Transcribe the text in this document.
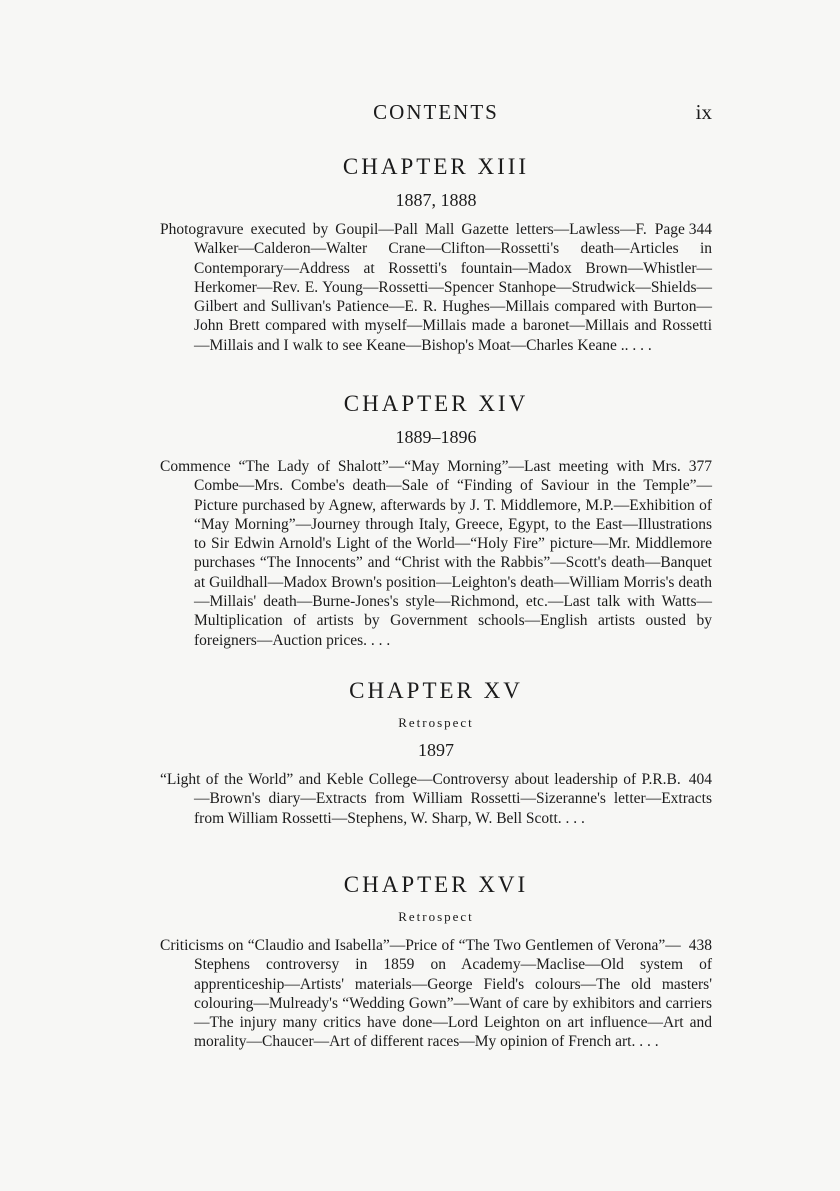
CONTENTS	ix
CHAPTER XIII
1887, 1888

Page 344
Photogravure executed by Goupil—Pall Mall Gazette letters—Lawless—F. Walker—Calderon—Walter Crane—Clifton—Rossetti's death—Articles in Contemporary—Address at Rossetti's fountain—Madox Brown—Whistler—Herkomer—Rev. E. Young—Rossetti—Spencer Stanhope—Strudwick—Shields—Gilbert and Sullivan's Patience—E. R. Hughes—Millais compared with Burton—John Brett compared with myself—Millais made a baronet—Millais and Rossetti—Millais and I walk to see Keane—Bishop's Moat—Charles Keane .. . . .

CHAPTER XIV
1889–1896

377
Commence “The Lady of Shalott”—“May Morning”—Last meeting with Mrs. Combe—Mrs. Combe's death—Sale of “Finding of Saviour in the Temple”—Picture purchased by Agnew, afterwards by J. T. Middlemore, M.P.—Exhibition of “May Morning”—Journey through Italy, Greece, Egypt, to the East—Illustrations to Sir Edwin Arnold's Light of the World—“Holy Fire” picture—Mr. Middlemore purchases “The Innocents” and “Christ with the Rabbis”—Scott's death—Banquet at Guildhall—Madox Brown's position—Leighton's death—William Morris's death—Millais' death—Burne-Jones's style—Richmond, etc.—Last talk with Watts—Multiplication of artists by Government schools—English artists ousted by foreigners—Auction prices. . . .

CHAPTER XV
Retrospect
1897

404
“Light of the World” and Keble College—Controversy about leadership of P.R.B.—Brown's diary—Extracts from William Rossetti—Sizeranne's letter—Extracts from William Rossetti—Stephens, W. Sharp, W. Bell Scott. . . .

CHAPTER XVI
Retrospect

438
Criticisms on “Claudio and Isabella”—Price of “The Two Gentlemen of Verona”—Stephens controversy in 1859 on Academy—Maclise—Old system of apprenticeship—Artists' materials—George Field's colours—The old masters' colouring—Mulready's “Wedding Gown”—Want of care by exhibitors and carriers—The injury many critics have done—Lord Leighton on art influence—Art and morality—Chaucer—Art of different races—My opinion of French art. . . .
